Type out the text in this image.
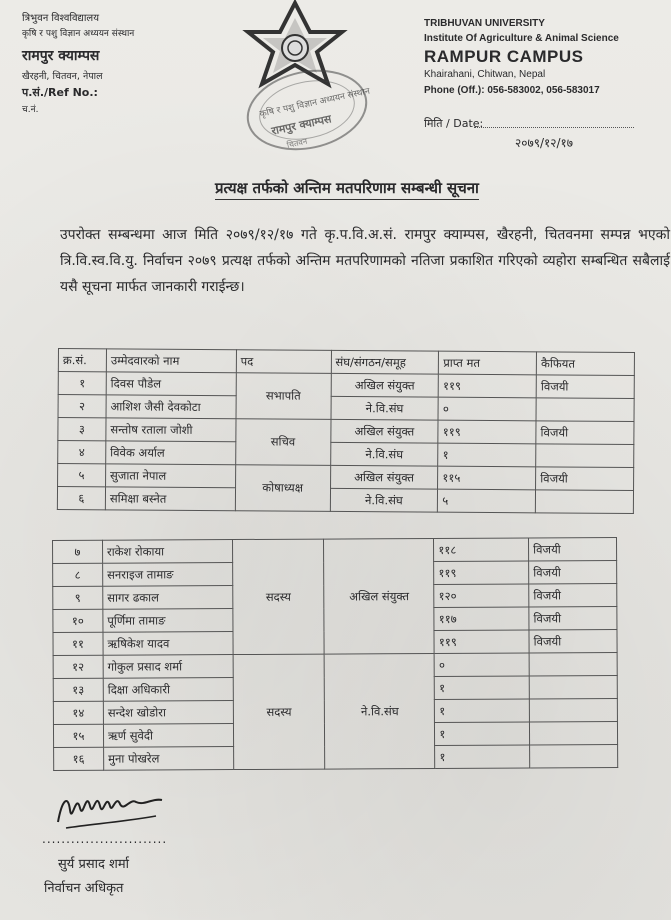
त्रिभुवन विश्वविद्यालय
कृषि र पशु विज्ञान अध्ययन संस्थान
रामपुर क्याम्पस
खैरहनी, चितवन, नेपाल
प.सं./Ref No.:
च.नं.	कृषि र पशु विज्ञान अध्ययन संस्थान
रामपुर क्याम्पस
चितवन
TRIBHUVAN UNIVERSITY
Institute Of Agriculture & Animal Science
RAMPUR CAMPUS
Khairahani, Chitwan, Nepal
Phone (Off.): 056-583002, 056-583017
मिति / Date:
२०७९/१२/१७
प्रत्यक्ष तर्फको अन्तिम मतपरिणाम सम्बन्धी सूचना
उपरोक्त सम्बन्धमा आज मिति २०७९/१२/१७ गते कृ.प.वि.अ.सं. रामपुर क्याम्पस, खैरहनी, चितवनमा सम्पन्न भएको त्रि.वि.स्व.वि.यु. निर्वाचन २०७९ प्रत्यक्ष तर्फको अन्तिम मतपरिणामको नतिजा प्रकाशित गरिएको व्यहोरा सम्बन्धित सबैलाई यसै सूचना मार्फत जानकारी गराईन्छ।
क्र.सं.	उम्मेदवारको नाम	पद	संघ/संगठन/समूह	प्राप्त मत	कैफियत
१	दिवस पौडेल	सभापति	अखिल संयुक्त	११९	विजयी
२	आशिश जैसी देवकोटा		ने.वि.संघ	०	
३	सन्तोष रताला जोशी	सचिव	अखिल संयुक्त	११९	विजयी
४	विवेक अर्याल		ने.वि.संघ	१	
५	सुजाता नेपाल	कोषाध्यक्ष	अखिल संयुक्त	११५	विजयी
६	समिक्षा बस्नेत		ने.वि.संघ	५	
७	राकेश रोकाया	सदस्य	अखिल संयुक्त	११८	विजयी
८	सनराइज तामाङ			११९	विजयी
९	सागर ढकाल			१२०	विजयी
१०	पूर्णिमा तामाङ			११७	विजयी
११	ऋषिकेश यादव			११९	विजयी
१२	गोकुल प्रसाद शर्मा	सदस्य	ने.वि.संघ	०	
१३	दिक्षा अधिकारी			१	
१४	सन्देश खोडोरा			१	
१५	ऋर्ण सुवेदी			१	
१६	मुना पोखरेल			१	
..........................
सुर्य प्रसाद शर्मा
निर्वाचन अधिकृत
